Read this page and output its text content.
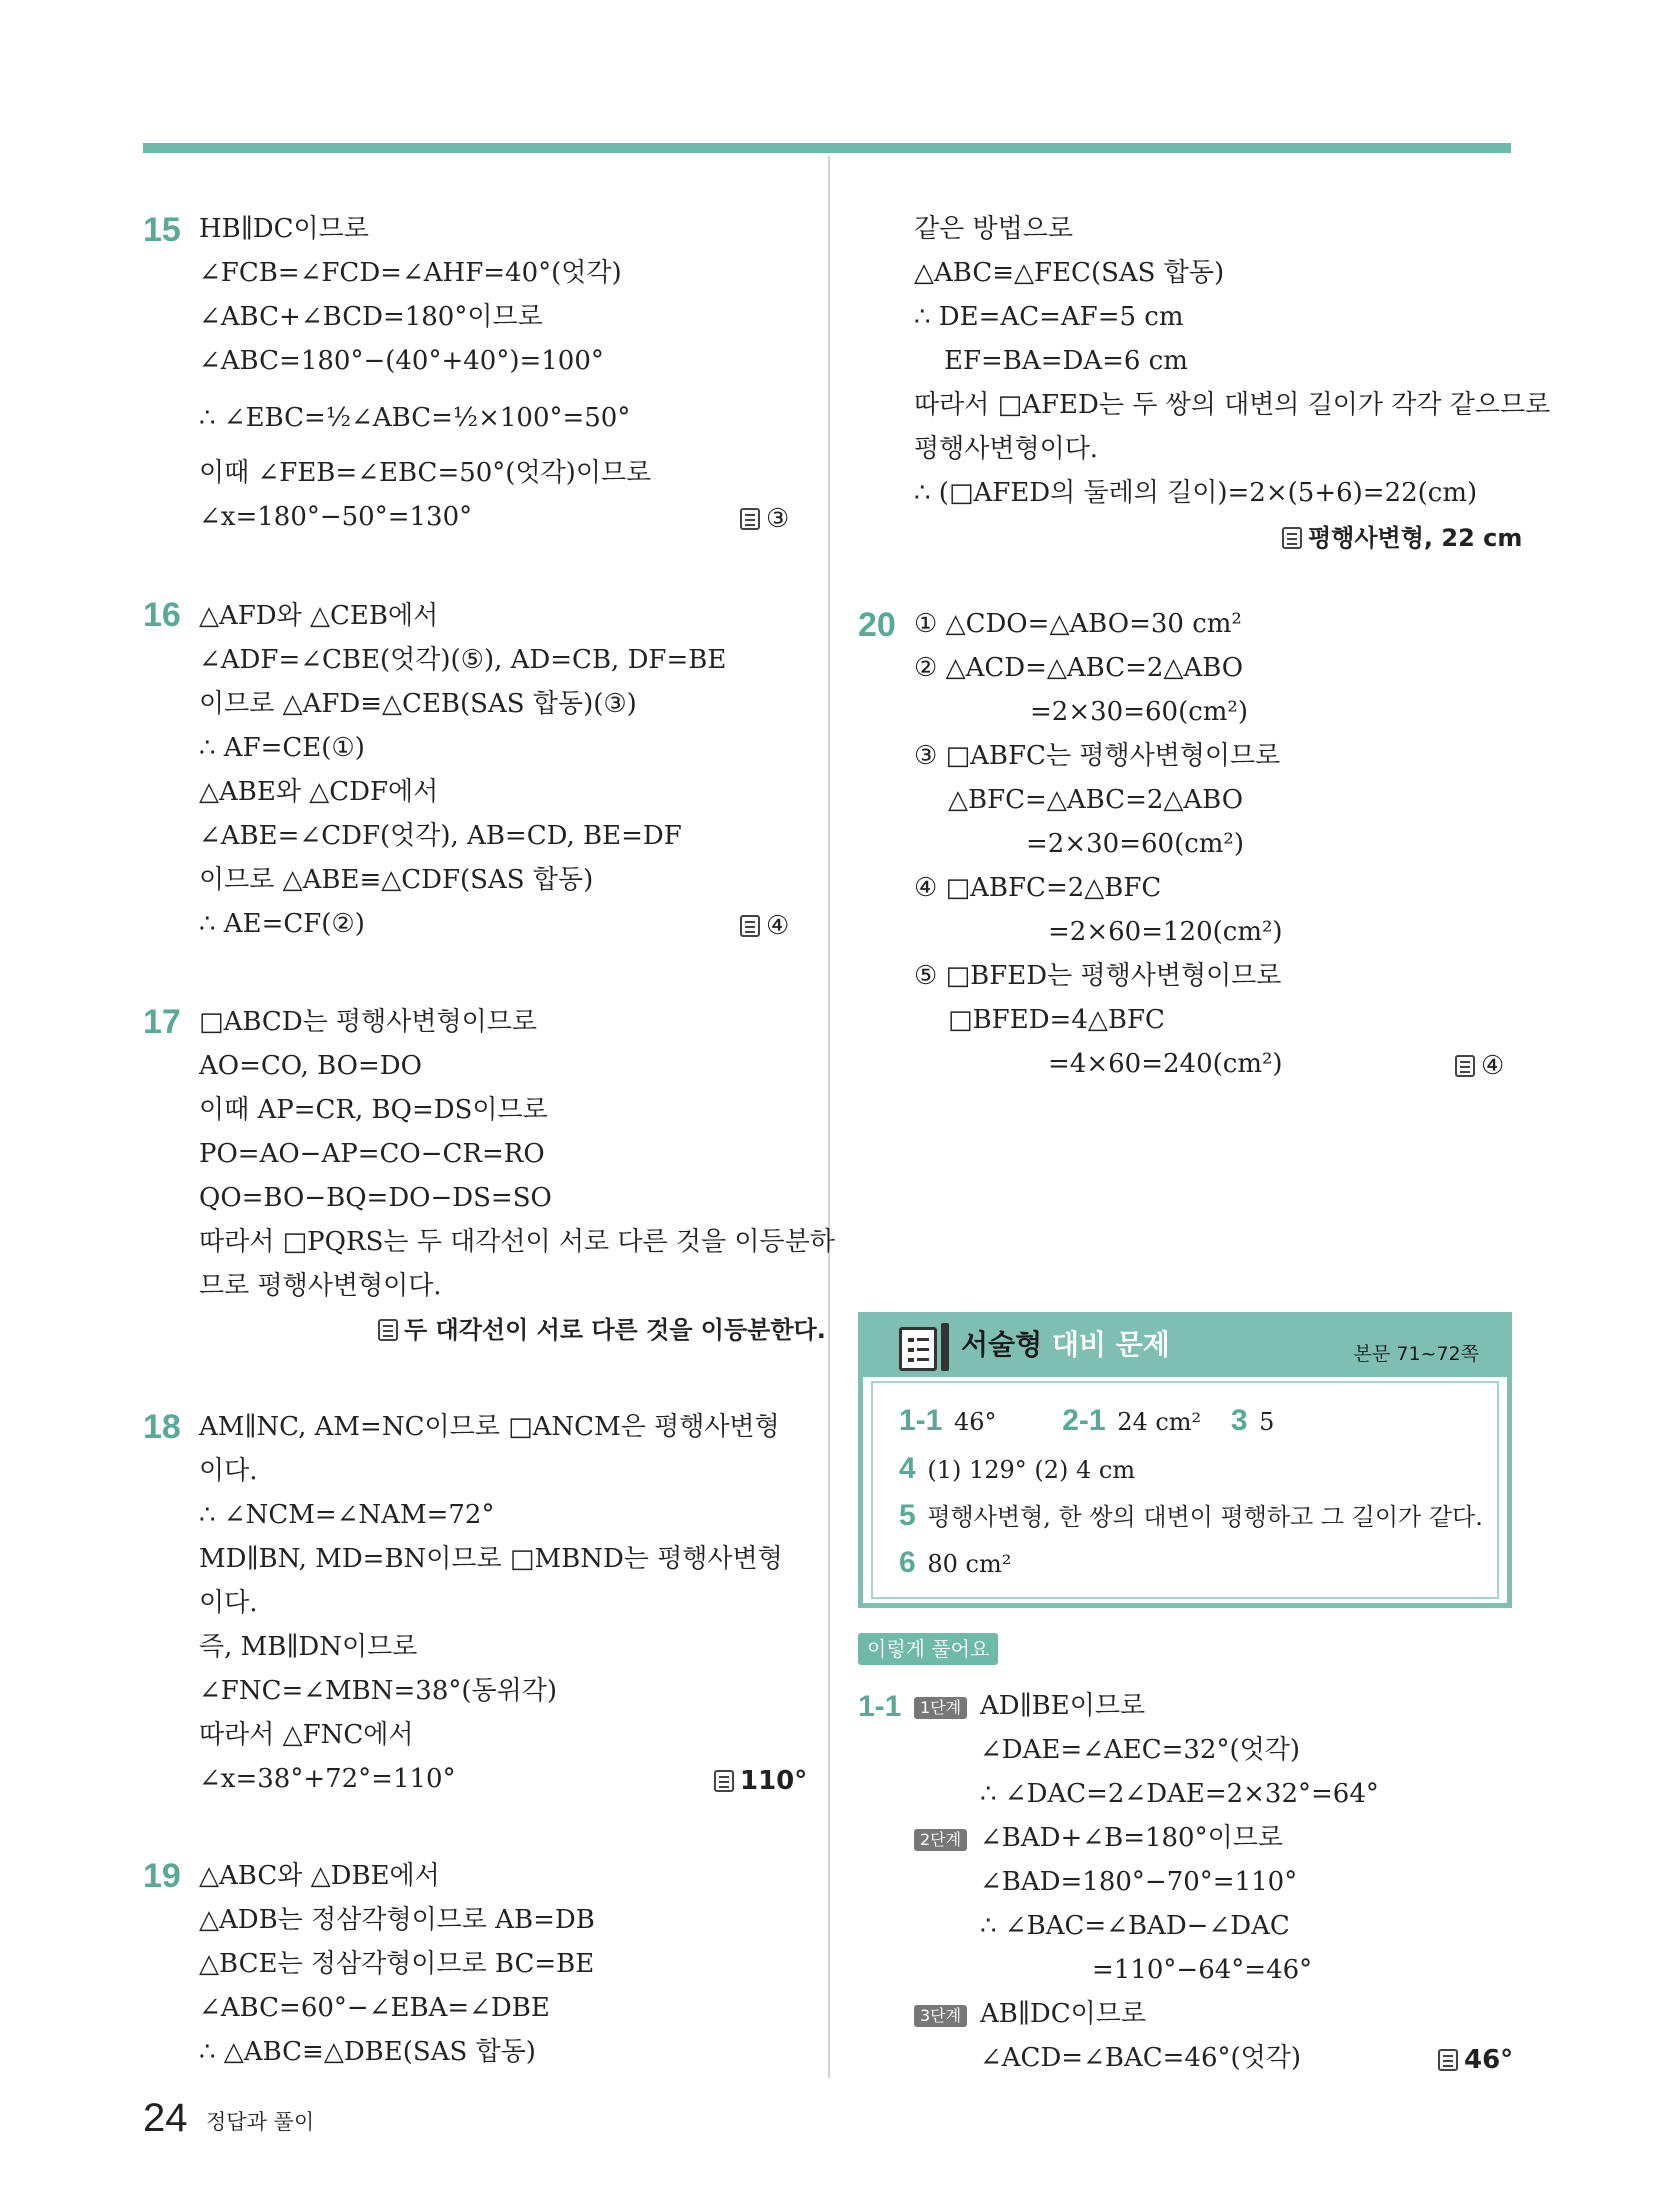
15 HB∥DC이므로
∠FCB=∠FCD=∠AHF=40°(엇각)
∠ABC+∠BCD=180°이므로
∠ABC=180°−(40°+40°)=100°
∴ ∠EBC=½∠ABC=½×100°=50°
이때 ∠FEB=∠EBC=50°(엇각)이므로
∠x=180°−50°=130°	③
16 △AFD와 △CEB에서
∠ADF=∠CBE(엇각)(⑤), AD=CB, DF=BE
이므로 △AFD≡△CEB(SAS 합동)(③)
∴ AF=CE(①)
△ABE와 △CDF에서
∠ABE=∠CDF(엇각), AB=CD, BE=DF
이므로 △ABE≡△CDF(SAS 합동)
∴ AE=CF(②)	④
17 □ABCD는 평행사변형이므로
AO=CO, BO=DO
이때 AP=CR, BQ=DS이므로
PO=AO−AP=CO−CR=RO
QO=BO−BQ=DO−DS=SO
따라서 □PQRS는 두 대각선이 서로 다른 것을 이등분하
므로 평행사변형이다.
두 대각선이 서로 다른 것을 이등분한다.
18 AM∥NC, AM=NC이므로 □ANCM은 평행사변형
이다.
∴ ∠NCM=∠NAM=72°
MD∥BN, MD=BN이므로 □MBND는 평행사변형
이다.
즉, MB∥DN이므로
∠FNC=∠MBN=38°(동위각)
따라서 △FNC에서
∠x=38°+72°=110°	110°
19 △ABC와 △DBE에서
△ADB는 정삼각형이므로 AB=DB
△BCE는 정삼각형이므로 BC=BE
∠ABC=60°−∠EBA=∠DBE
∴ △ABC≡△DBE(SAS 합동)
같은 방법으로
△ABC≡△FEC(SAS 합동)
∴ DE=AC=AF=5 cm
EF=BA=DA=6 cm
따라서 □AFED는 두 쌍의 대변의 길이가 각각 같으므로
평행사변형이다.
∴ (□AFED의 둘레의 길이)=2×(5+6)=22(cm)
평행사변형, 22 cm
20 ① △CDO=△ABO=30 cm²
② △ACD=△ABC=2△ABO
=2×30=60(cm²)
③ □ABFC는 평행사변형이므로
△BFC=△ABC=2△ABO
=2×30=60(cm²)
④ □ABFC=2△BFC
=2×60=120(cm²)
⑤ □BFED는 평행사변형이므로
□BFED=4△BFC
=4×60=240(cm²)	④
서술형 대비 문제	본문 71~72쪽
1-1 46° 2-1 24 cm² 3 5
4 (1) 129° (2) 4 cm
5 평행사변형, 한 쌍의 대변이 평행하고 그 길이가 같다.
6 80 cm²
이렇게 풀어요
1-1	1단계 AD∥BE이므로
∠DAE=∠AEC=32°(엇각)
∴ ∠DAC=2∠DAE=2×32°=64°
2단계 ∠BAD+∠B=180°이므로
∠BAD=180°−70°=110°
∴ ∠BAC=∠BAD−∠DAC
=110°−64°=46°
3단계 AB∥DC이므로
∠ACD=∠BAC=46°(엇각)	46°
24 정답과 풀이
